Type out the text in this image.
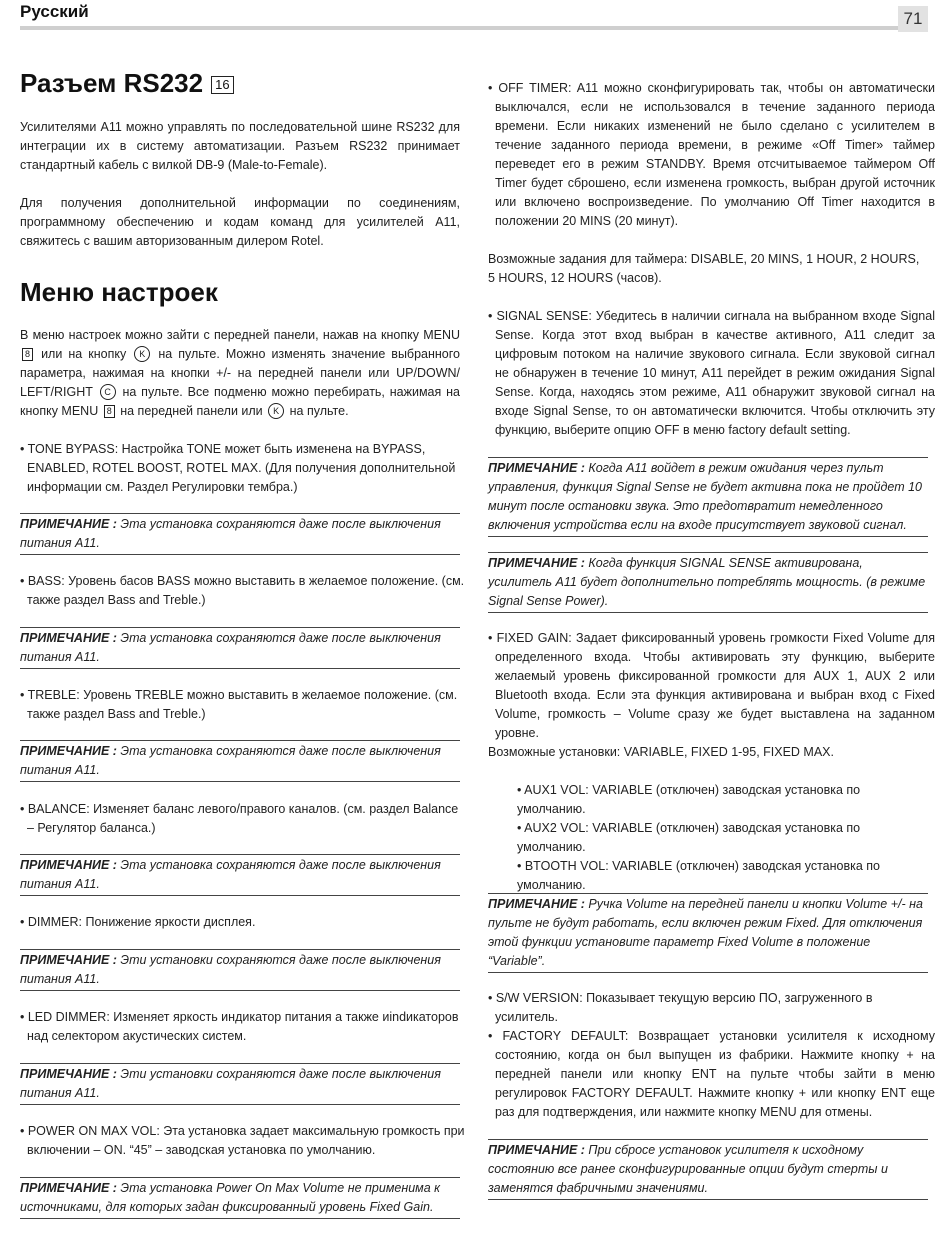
Русский	71
Разъем RS232 16

Усилителями A11 можно управлять по последовательной шине RS232 для интеграции их в систему автоматизации. Разъем RS232 принимает стандартный кабель с вилкой DB-9 (Male-to-Female).

Для получения дополнительной информации по соединениям, программному обеспечению и кодам команд для усилителей A11, свяжитесь с вашим авторизованным дилером Rotel.

Меню настроек

В меню настроек можно зайти с передней панели, нажав на кнопку MENU 8 или на кнопку K на пульте. Можно изменять значение выбранного параметра, нажимая на кнопки +/- на передней панели или UP/DOWN/ LEFT/RIGHT C на пульте. Все подменю можно перебирать, нажимая на кнопку MENU 8 на передней панели или K на пульте.

• TONE BYPASS: Настройка TONE может быть изменена на BYPASS, ENABLED, ROTEL BOOST, ROTEL MAX. (Для получения дополнительной информации см. Раздел Регулировки тембра.)

ПРИМЕЧАНИЕ : Эта установка сохраняются даже после выключения питания A11.

• BASS: Уровень басов BASS можно выставить в желаемое положение. (см. также раздел Bass and Treble.)

ПРИМЕЧАНИЕ : Эта установка сохраняются даже после выключения питания A11.

• TREBLE: Уровень TREBLE можно выставить в желаемое положение. (см. также раздел Bass and Treble.)

ПРИМЕЧАНИЕ : Эта установка сохраняются даже после выключения питания A11.

• BALANCE: Изменяет баланс левого/правого каналов. (см. раздел Balance – Регулятор баланса.)

ПРИМЕЧАНИЕ : Эта установка сохраняются даже после выключения питания A11.

• DIMMER: Понижение яркости дисплея.

ПРИМЕЧАНИЕ : Эти установки сохраняются даже после выключения питания A11.

• LED DIMMER: Изменяет яркость индикатор питания а также иindикаторов над селектором акустических систем.

ПРИМЕЧАНИЕ : Эти установки сохраняются даже после выключения питания A11.

• POWER ON MAX VOL: Эта установка задает максимальную громкость при включении – ON. “45” – заводская установка по умолчанию.

ПРИМЕЧАНИЕ : Эта установка Power On Max Volume не применима к источниками, для которых задан фиксированный уровень Fixed Gain.

• OFF TIMER: A11 можно сконфигурировать так, чтобы он автоматически выключался, если не использовался в течение заданного периода времени. Если никаких изменений не было сделано с усилителем в течение заданного периода времени, в режиме «Off Timer» таймер переведет его в режим STANDBY. Время отсчитываемое таймером Off Timer будет сброшено, если изменена громкость, выбран другой источник или включено воспроизведение. По умолчанию Off Timer находится в положении 20 MINS (20 минут).

Возможные задания для таймера: DISABLE, 20 MINS, 1 HOUR, 2 HOURS, 5 HOURS, 12 HOURS (часов).

• SIGNAL SENSE: Убедитесь в наличии сигнала на выбранном входе Signal Sense. Когда этот вход выбран в качестве активного, A11 следит за цифровым потоком на наличие звукового сигнала. Если звуковой сигнал не обнаружен в течение 10 минут, A11 перейдет в режим ожидания Signal Sense. Когда, находясь этом режиме, A11 обнаружит звуковой сигнал на входе Signal Sense, то он автоматически включится. Чтобы отключить эту функцию, выберите опцию OFF в меню factory default setting.

ПРИМЕЧАНИЕ : Когда A11 войдет в режим ожидания через пульт управления, функция Signal Sense не будет активна пока не пройдет 10 минут после остановки звука. Это предотвратит немедленного включения устройства если на входе присутствует звуковой сигнал.
ПРИМЕЧАНИЕ : Когда функция SIGNAL SENSE активирована, усилитель A11 будет дополнительно потреблять мощность. (в режиме Signal Sense Power).

• FIXED GAIN: Задает фиксированный уровень громкости Fixed Volume для определенного входа. Чтобы активировать эту функцию, выберите желаемый уровень фиксированной громкости для AUX 1, AUX 2 или Bluetooth входа. Если эта функция активирована и выбран вход с Fixed Volume, громкость – Volume сразу же будет выставлена на заданном уровне.

Возможные установки: VARIABLE, FIXED 1-95, FIXED MAX.

• AUX1 VOL: VARIABLE (отключен) заводская установка по умолчанию.

• AUX2 VOL: VARIABLE (отключен) заводская установка по умолчанию.

• BTOOTH VOL: VARIABLE (отключен) заводская установка по умолчанию.

ПРИМЕЧАНИЕ : Ручка Volume на передней панели и кнопки Volume +/- на пульте не будут работать, если включен режим Fixed. Для отключения этой функции установите параметр Fixed Volume в положение “Variable”.

• S/W VERSION: Показывает текущую версию ПО, загруженного в усилитель.

• FACTORY DEFAULT: Возвращает установки усилителя к исходному состоянию, когда он был выпущен из фабрики. Нажмите кнопку + на передней панели или кнопку ENT на пульте чтобы зайти в меню регулировок FACTORY DEFAULT. Нажмите кнопку + или кнопку ENT еще раз для подтверждения, или нажмите кнопку MENU для отмены.

ПРИМЕЧАНИЕ : При сбросе установок усилителя к исходному состоянию все ранее сконфигурированные опции будут стерты и заменятся фабричными значениями.
